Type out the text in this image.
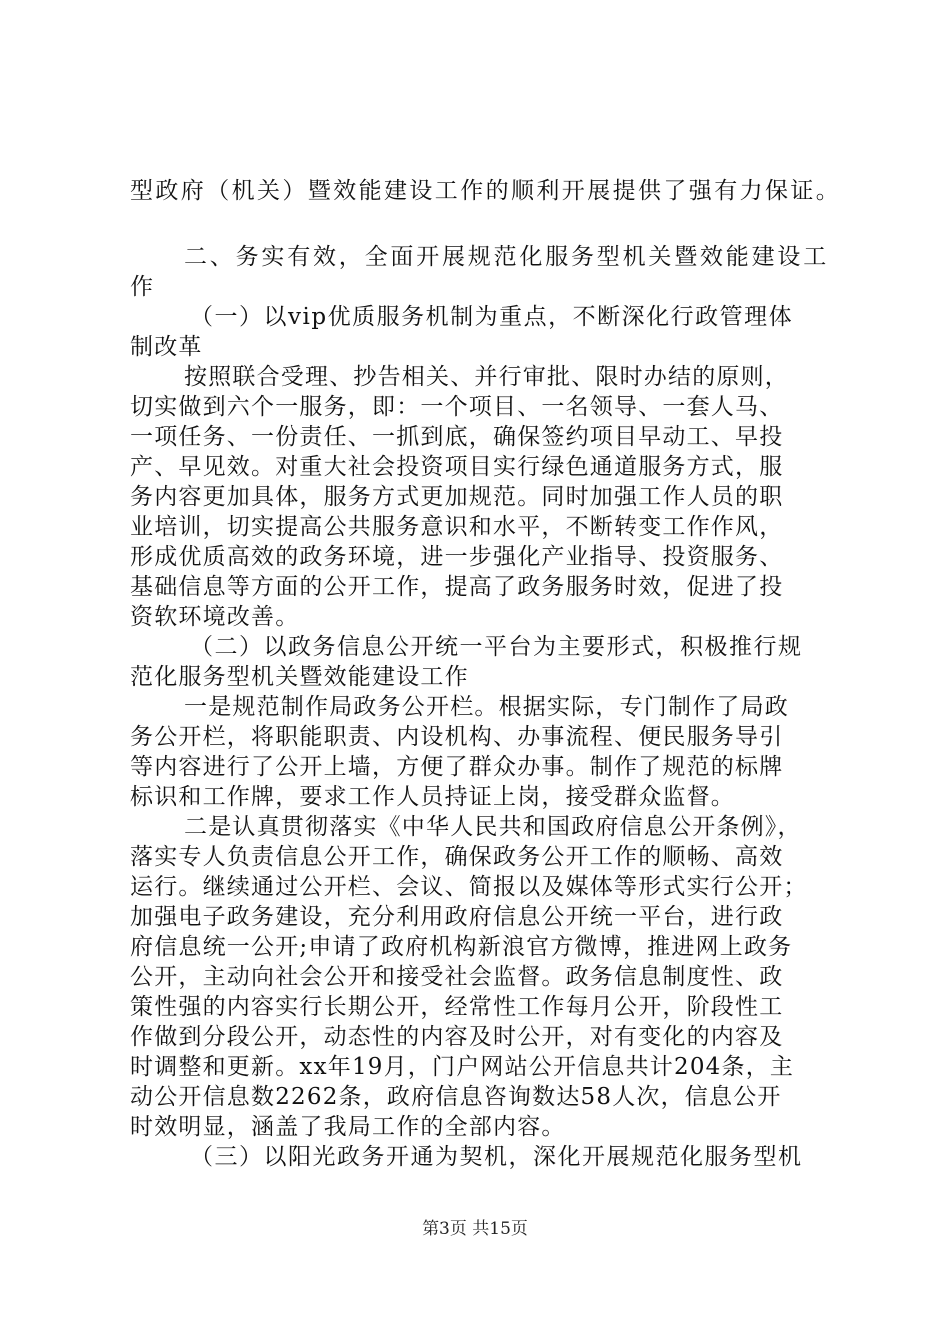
型政府（机关）暨效能建设工作的顺利开展提供了强有力保证。

二、务实有效，全面开展规范化服务型机关暨效能建设工

作

（一）以vip优质服务机制为重点，不断深化行政管理体

制改革

按照联合受理、抄告相关、并行审批、限时办结的原则，

切实做到六个一服务，即：一个项目、一名领导、一套人马、

一项任务、一份责任、一抓到底，确保签约项目早动工、早投

产、早见效。对重大社会投资项目实行绿色通道服务方式，服

务内容更加具体，服务方式更加规范。同时加强工作人员的职

业培训，切实提高公共服务意识和水平，不断转变工作作风，

形成优质高效的政务环境，进一步强化产业指导、投资服务、

基础信息等方面的公开工作，提高了政务服务时效，促进了投

资软环境改善。

（二）以政务信息公开统一平台为主要形式，积极推行规

范化服务型机关暨效能建设工作

一是规范制作局政务公开栏。根据实际，专门制作了局政

务公开栏，将职能职责、内设机构、办事流程、便民服务导引

等内容进行了公开上墙，方便了群众办事。制作了规范的标牌

标识和工作牌，要求工作人员持证上岗，接受群众监督。

二是认真贯彻落实《中华人民共和国政府信息公开条例》，

落实专人负责信息公开工作，确保政务公开工作的顺畅、高效

运行。继续通过公开栏、会议、简报以及媒体等形式实行公开；

加强电子政务建设，充分利用政府信息公开统一平台，进行政

府信息统一公开;申请了政府机构新浪官方微博，推进网上政务

公开，主动向社会公开和接受社会监督。政务信息制度性、政

策性强的内容实行长期公开，经常性工作每月公开，阶段性工

作做到分段公开，动态性的内容及时公开，对有变化的内容及

时调整和更新。xx年19月，门户网站公开信息共计204条，主

动公开信息数2262条，政府信息咨询数达58人次，信息公开

时效明显，涵盖了我局工作的全部内容。

（三）以阳光政务开通为契机，深化开展规范化服务型机

第3页 共15页
